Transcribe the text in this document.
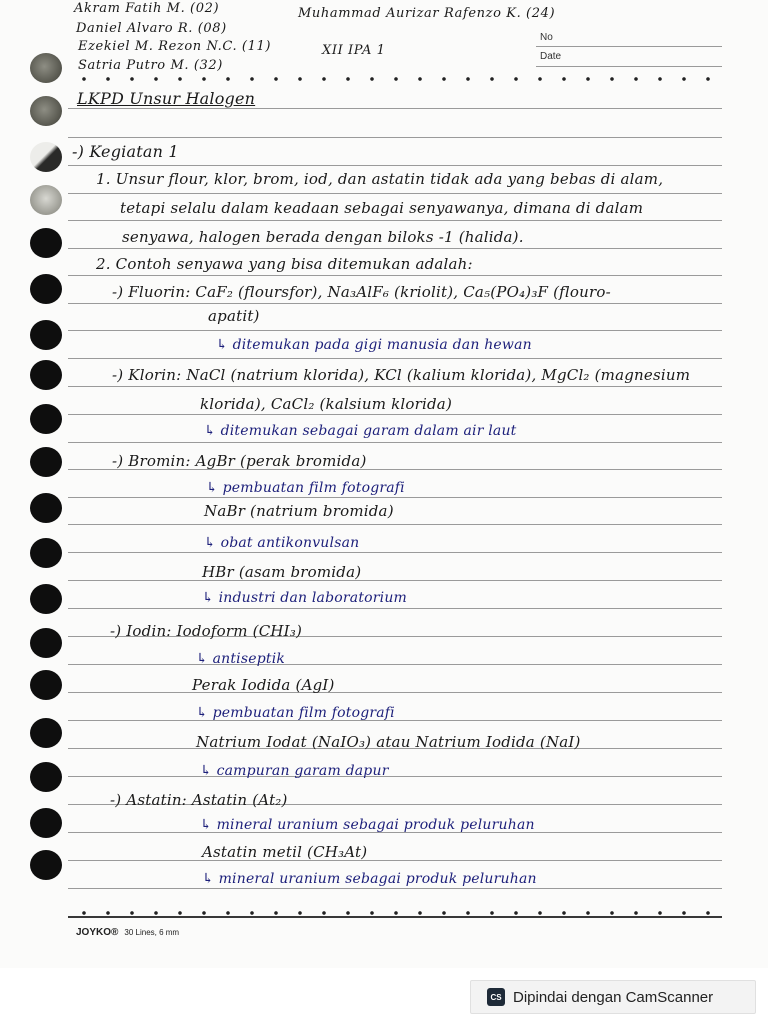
Akram Fatih M. (02)
Daniel Alvaro R. (08)
Ezekiel M. Rezon N.C. (11)
Satria Putro M. (32)
Muhammad Aurizar Rafenzo K. (24)
XII IPA 1
No
Date
LKPD Unsur Halogen
-) Kegiatan 1
1. Unsur flour, klor, brom, iod, dan astatin tidak ada yang bebas di alam,
tetapi selalu dalam keadaan sebagai senyawanya, dimana di dalam
senyawa, halogen berada dengan biloks -1 (halida).
2. Contoh senyawa yang bisa ditemukan adalah:
-) Fluorin: CaF₂ (floursfor), Na₃AlF₆ (kriolit), Ca₅(PO₄)₃F (flouro-
apatit)
↳ ditemukan pada gigi manusia dan hewan
-) Klorin: NaCl (natrium klorida), KCl (kalium klorida), MgCl₂ (magnesium
klorida), CaCl₂ (kalsium klorida)
↳ ditemukan sebagai garam dalam air laut
-) Bromin: AgBr (perak bromida)
↳ pembuatan film fotografi
NaBr (natrium bromida)
↳ obat antikonvulsan
HBr (asam bromida)
↳ industri dan laboratorium
-) Iodin: Iodoform (CHI₃)
↳ antiseptik
Perak Iodida (AgI)
↳ pembuatan film fotografi
Natrium Iodat (NaIO₃) atau Natrium Iodida (NaI)
↳ campuran garam dapur
-) Astatin: Astatin (At₂)
↳ mineral uranium sebagai produk peluruhan
Astatin metil (CH₃At)
↳ mineral uranium sebagai produk peluruhan
JOYKO® 30 Lines, 6 mm
CS Dipindai dengan CamScanner
